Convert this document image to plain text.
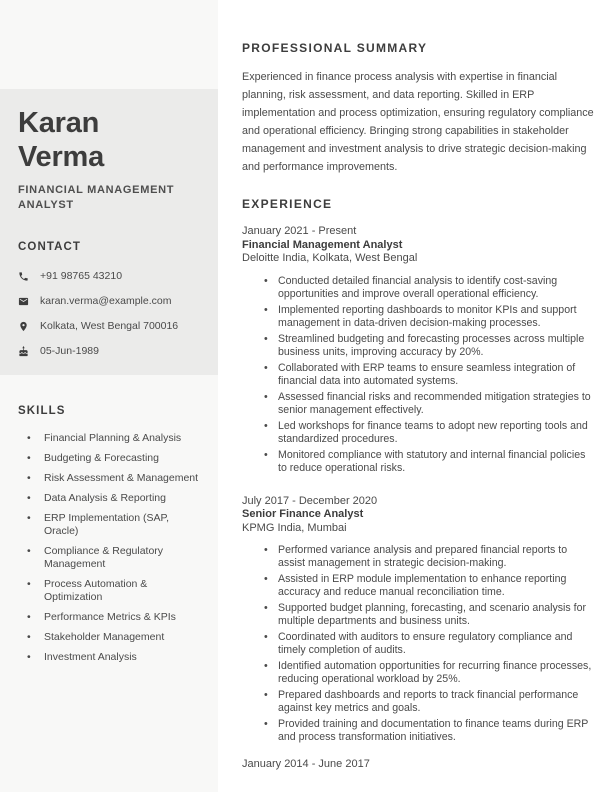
Karan Verma
FINANCIAL MANAGEMENT ANALYST
CONTACT
+91 98765 43210
karan.verma@example.com
Kolkata, West Bengal 700016
05-Jun-1989
SKILLS
• Financial Planning & Analysis
• Budgeting & Forecasting
• Risk Assessment & Management
• Data Analysis & Reporting
• ERP Implementation (SAP, Oracle)
• Compliance & Regulatory Management
• Process Automation & Optimization
• Performance Metrics & KPIs
• Stakeholder Management
• Investment Analysis
PROFESSIONAL SUMMARY

Experienced in finance process analysis with expertise in financial planning, risk assessment, and data reporting. Skilled in ERP implementation and process optimization, ensuring regulatory compliance and operational efficiency. Bringing strong capabilities in stakeholder management and investment analysis to drive strategic decision-making and performance improvements.

EXPERIENCE
January 2021 - Present
Financial Management Analyst
Deloitte India, Kolkata, West Bengal
• Conducted detailed financial analysis to identify cost-saving opportunities and improve overall operational efficiency.
• Implemented reporting dashboards to monitor KPIs and support management in data-driven decision-making processes.
• Streamlined budgeting and forecasting processes across multiple business units, improving accuracy by 20%.
• Collaborated with ERP teams to ensure seamless integration of financial data into automated systems.
• Assessed financial risks and recommended mitigation strategies to senior management effectively.
• Led workshops for finance teams to adopt new reporting tools and standardized procedures.
• Monitored compliance with statutory and internal financial policies to reduce operational risks.
July 2017 - December 2020
Senior Finance Analyst
KPMG India, Mumbai
• Performed variance analysis and prepared financial reports to assist management in strategic decision-making.
• Assisted in ERP module implementation to enhance reporting accuracy and reduce manual reconciliation time.
• Supported budget planning, forecasting, and scenario analysis for multiple departments and business units.
• Coordinated with auditors to ensure regulatory compliance and timely completion of audits.
• Identified automation opportunities for recurring finance processes, reducing operational workload by 25%.
• Prepared dashboards and reports to track financial performance against key metrics and goals.
• Provided training and documentation to finance teams during ERP and process transformation initiatives.
January 2014 - June 2017
